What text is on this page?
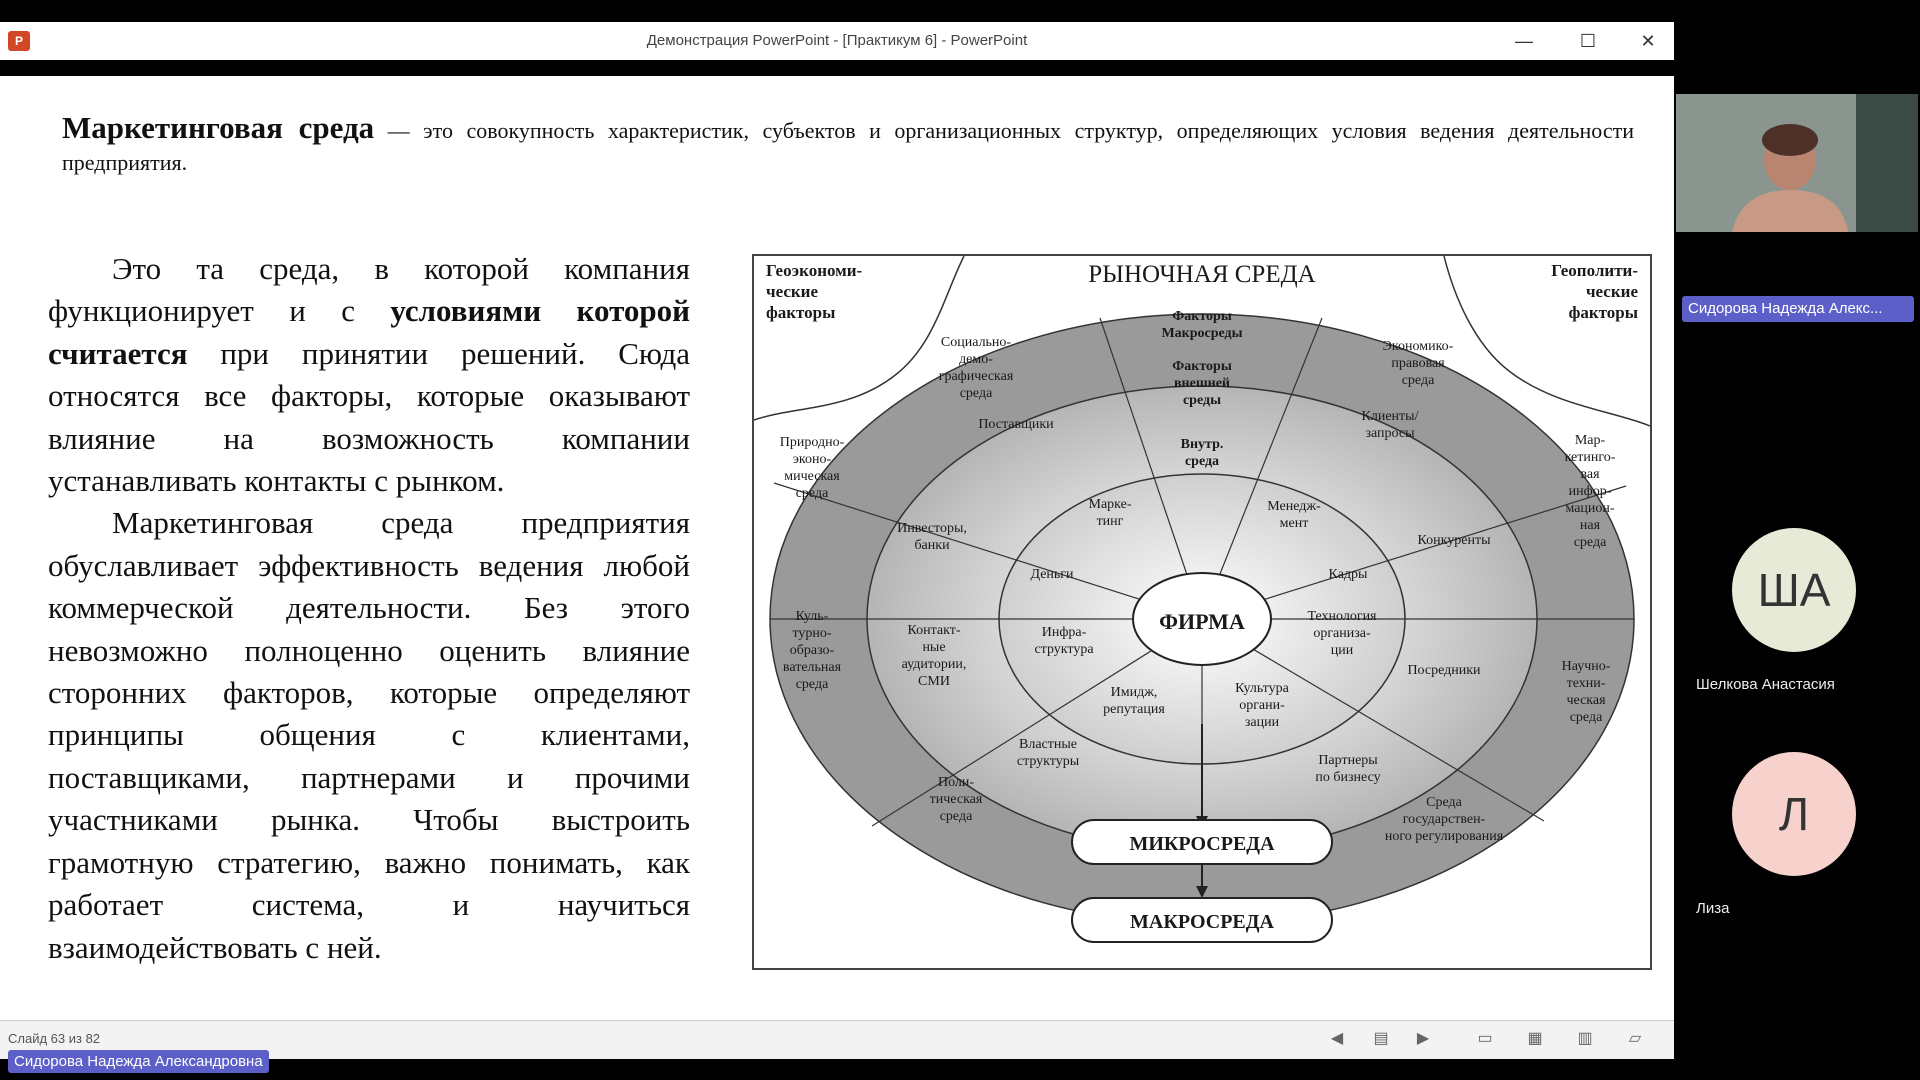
P	Демонстрация PowerPoint - [Практикум 6] - PowerPoint	—	☐	✕
Маркетинговая среда — это совокупность характеристик, субъектов и организационных структур, определяющих условия ведения деятельности предприятия.

Это та среда, в которой компания функционирует и с условиями которой считается при принятии решений. Сюда относятся все факторы, которые оказывают влияние на возможность компании устанавливать контакты с рынком.

Маркетинговая среда предприятия обуславливает эффективность ведения любой коммерческой деятельности. Без этого невозможно полноценно оценить влияние сторонних факторов, которые определяют принципы общения с клиентами, поставщиками, партнерами и прочими участниками рынка. Чтобы выстроить грамотную стратегию, важно понимать, как работает система, и научиться взаимодействовать с ней.

РЫНОЧНАЯ СРЕДА
Геоэкономи-ческие факторы
Геополити-ческие факторы
Факторы Макросреды
Факторы внешней среды
Внутр. среда
ФИРМА
МИКРОСРЕДА
МАКРОСРЕДА
Социально-демо-графическая среда
Экономико-правовая среда
Природно-эконо-мическая среда
Мар-кетинго-вая инфор-мацион-ная среда
Куль-турно-образо-вательная среда
Научно-техни-ческая среда
Поли-тическая среда
Среда государствен-ного регулирования
Поставщики
Клиенты/ запросы
Инвесторы, банки	Конкуренты
Контакт-ные аудитории, СМИ
Посредники
Властные структуры	Партнеры по бизнесу
Марке-тинг
Менедж-мент
Деньги	Кадры
Инфра-структура
Технология организа-ции
Имидж, репутация
Культура органи-зации
Слайд 63 из 82	◀	▤	▶	▭ ▦ ▥	▱
Сидорова Надежда Александровна
Сидорова Надежда Алекс...
ША
Шелкова Анастасия
Л
Лиза
